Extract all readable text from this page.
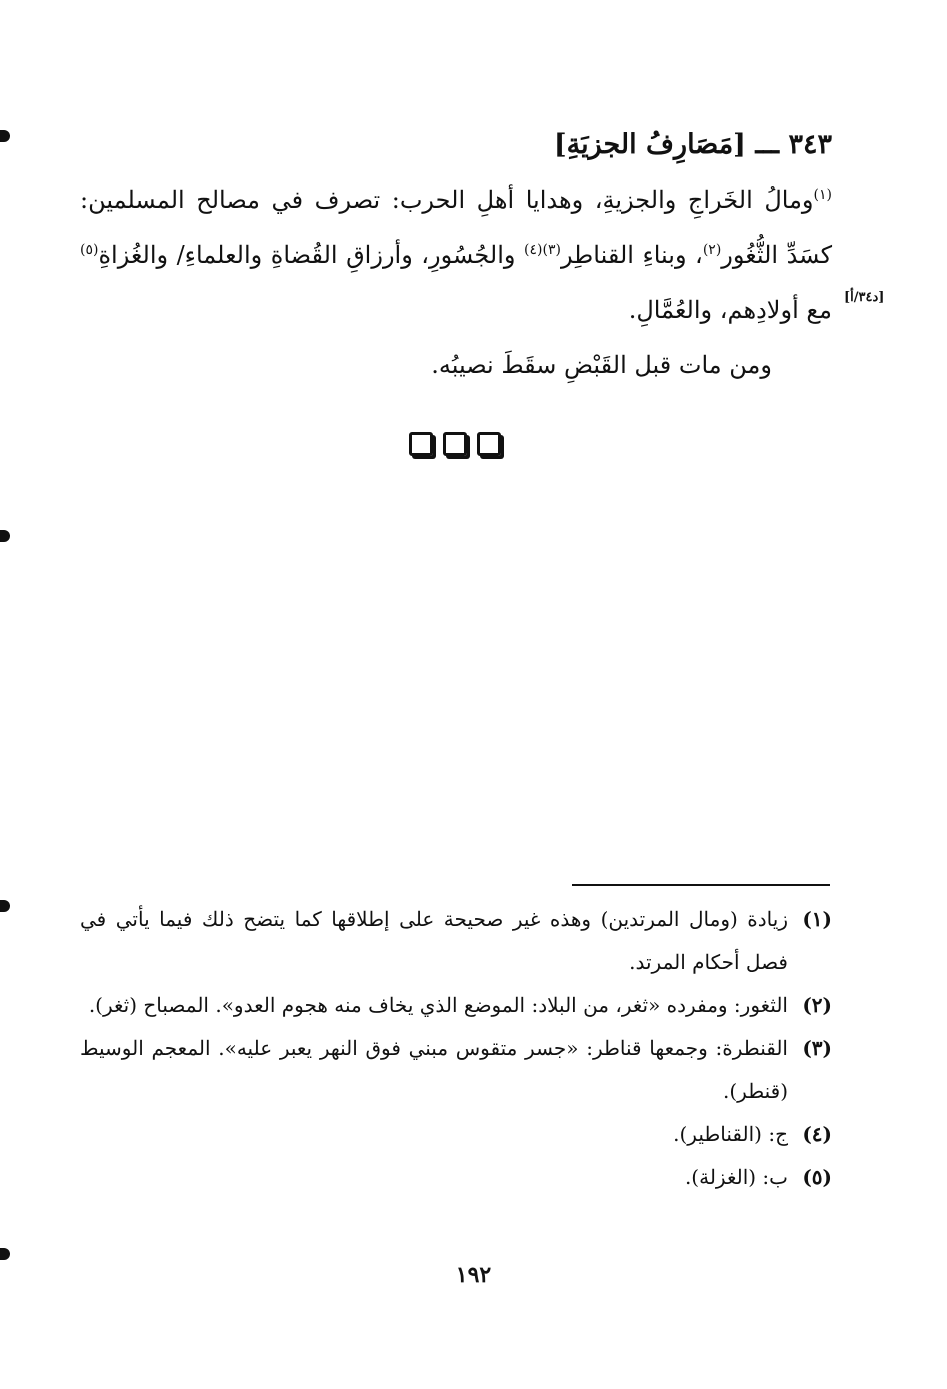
٣٤٣ ـــ [مَصَارِفُ الجزيَةِ]

$^{(١)}$ومالُ الخَراجِ والجزيةِ، وهدايا أهلِ الحرب: تصرف في مصالح المسلمين: كسَدِّ الثُّغُور$^{(٢)}$، وبناءِ القناطِر$^{(٣)(٤)}$ والجُسُورِ، وأرزاقِ القُضاةِ والعلماءِ/ والغُزاةِ$^{(٥)}$ مع أولادِهم، والعُمَّالِ.

ومن مات قبل القَبْضِ سقَطَ نصيبُه.

[د٣٤/أ]
(١)
زيادة (ومال المرتدين) وهذه غير صحيحة على إطلاقها كما يتضح ذلك فيما يأتي في فصل أحكام المرتد.
(٢)
الثغور: ومفرده «ثغر، من البلاد: الموضع الذي يخاف منه هجوم العدو». المصباح (ثغر).
(٣)
القنطرة: وجمعها قناطر: «جسر متقوس مبني فوق النهر يعبر عليه». المعجم الوسيط (قنطر).
(٤)
ج: (القناطير).
(٥)
ب: (الغزلة).
١٩٢
